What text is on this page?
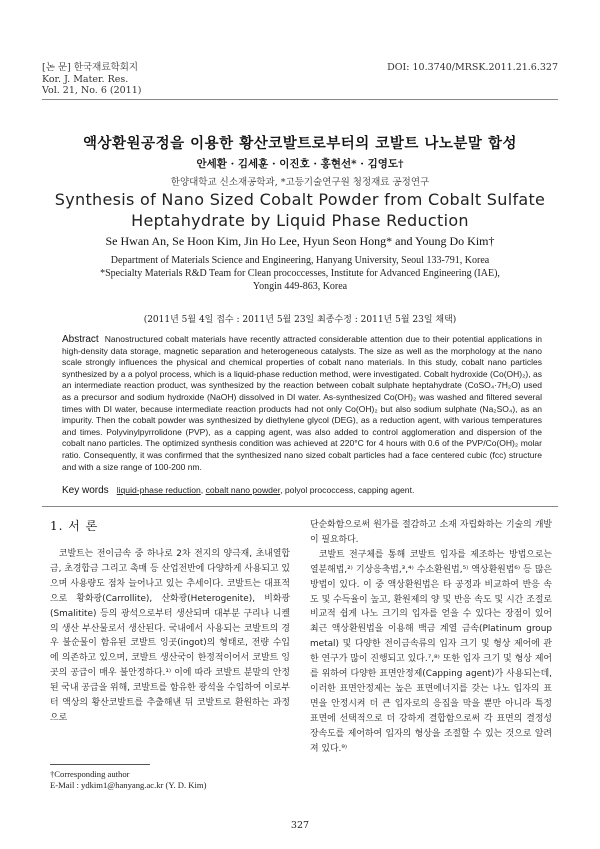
[논 문] 한국재료학회지
Kor. J. Mater. Res.
Vol. 21, No. 6 (2011)
DOI: 10.3740/MRSK.2011.21.6.327
액상환원공정을 이용한 황산코발트로부터의 코발트 나노분말 합성
안세환 · 김세훈 · 이진호 · 홍현선* · 김영도†
한양대학교 신소재공학과, *고등기술연구원 청정재료 공정연구
Synthesis of Nano Sized Cobalt Powder from Cobalt Sulfate
Heptahydrate by Liquid Phase Reduction
Se Hwan An, Se Hoon Kim, Jin Ho Lee, Hyun Seon Hong* and Young Do Kim†
Department of Materials Science and Engineering, Hanyang University, Seoul 133-791, Korea
*Specialty Materials R&D Team for Clean prococcesses, Institute for Advanced Engineering (IAE),
Yongin 449-863, Korea
(2011년 5월 4일 접수 : 2011년 5월 23일 최종수정 : 2011년 5월 23일 채택)
Abstract Nanostructured cobalt materials have recently attracted considerable attention due to their potential applications in high-density data storage, magnetic separation and heterogeneous catalysts. The size as well as the morphology at the nano scale strongly influences the physical and chemical properties of cobalt nano materials. In this study, cobalt nano particles synthesized by a a polyol process, which is a liquid-phase reduction method, were investigated. Cobalt hydroxide (Co(OH)₂), as an intermediate reaction product, was synthesized by the reaction between cobalt sulphate heptahydrate (CoSO₄·7H₂O) used as a precursor and sodium hydroxide (NaOH) dissolved in DI water. As-synthesized Co(OH)₂ was washed and filtered several times with DI water, because intermediate reaction products had not only Co(OH)₂ but also sodium sulphate (Na₂SO₄), as an impurity. Then the cobalt powder was synthesized by diethylene glycol (DEG), as a reduction agent, with various temperatures and times. Polyvinylpyrrolidone (PVP), as a capping agent, was also added to control agglomeration and dispersion of the cobalt nano particles. The optimized synthesis condition was achieved at 220°C for 4 hours with 0.6 of the PVP/Co(OH)₂ molar ratio. Consequently, it was confirmed that the synthesized nano sized cobalt particles had a face centered cubic (fcc) structure and with a size range of 100-200 nm.
Key words liquid-phase reduction, cobalt nano powder, polyol prococcess, capping agent.
1. 서 론
코발트는 전이금속 중 하나로 2차 전지의 양극재, 초내열합금, 초경합금 그리고 촉매 등 산업전반에 다양하게 사용되고 있으며 사용량도 점차 늘어나고 있는 추세이다. 코발트는 대표적으로 황화광(Carrollite), 산화광(Heterogenite), 비화광(Smalitite) 등의 광석으로부터 생산되며 대부분 구리나 니켈의 생산 부산물로서 생산된다. 국내에서 사용되는 코발트의 경우 불순물이 함유된 코발트 잉곳(ingot)의 형태로, 전량 수입에 의존하고 있으며, 코발트 생산국이 한정적이어서 코발트 잉곳의 공급이 매우 불안정하다.¹⁾ 이에 따라 코발트 분말의 안정된 국내 공급을 위해, 코발트를 함유한 광석을 수입하여 이로부터 액상의 황산코발트를 추출해낸 뒤 코발트로 환원하는 과정으로
†Corresponding author
E-Mail : ydkim1@hanyang.ac.kr (Y. D. Kim)
단순화함으로써 원가를 절감하고 소재 자립화하는 기술의 개발이 필요하다.
코발트 전구체를 통해 코발트 입자를 제조하는 방법으로는 열분해법,²⁾ 기상응축법,³,⁴⁾ 수소환원법,⁵⁾ 액상환원법⁶⁾ 등 많은 방법이 있다. 이 중 액상환원법은 타 공정과 비교하여 반응 속도 및 수득율이 높고, 환원제의 양 및 반응 속도 및 시간 조절로 비교적 쉽게 나노 크기의 입자를 얻을 수 있다는 장점이 있어 최근 액상환원법을 이용해 백금 계열 금속(Platinum group metal) 및 다양한 전이금속류의 입자 크기 및 형상 제어에 관한 연구가 많이 진행되고 있다.⁷,⁸⁾ 또한 입자 크기 및 형상 제어를 위하여 다양한 표면안정제(Capping agent)가 사용되는데, 이러한 표면안정제는 높은 표면에너지를 갖는 나노 입자의 표면을 안정시켜 더 큰 입자로의 응집을 막을 뿐만 아니라 특정 표면에 선택적으로 더 강하게 결합함으로써 각 표면의 결정성장속도를 제어하여 입자의 형상을 조절할 수 있는 것으로 알려져 있다.⁹⁾
327
